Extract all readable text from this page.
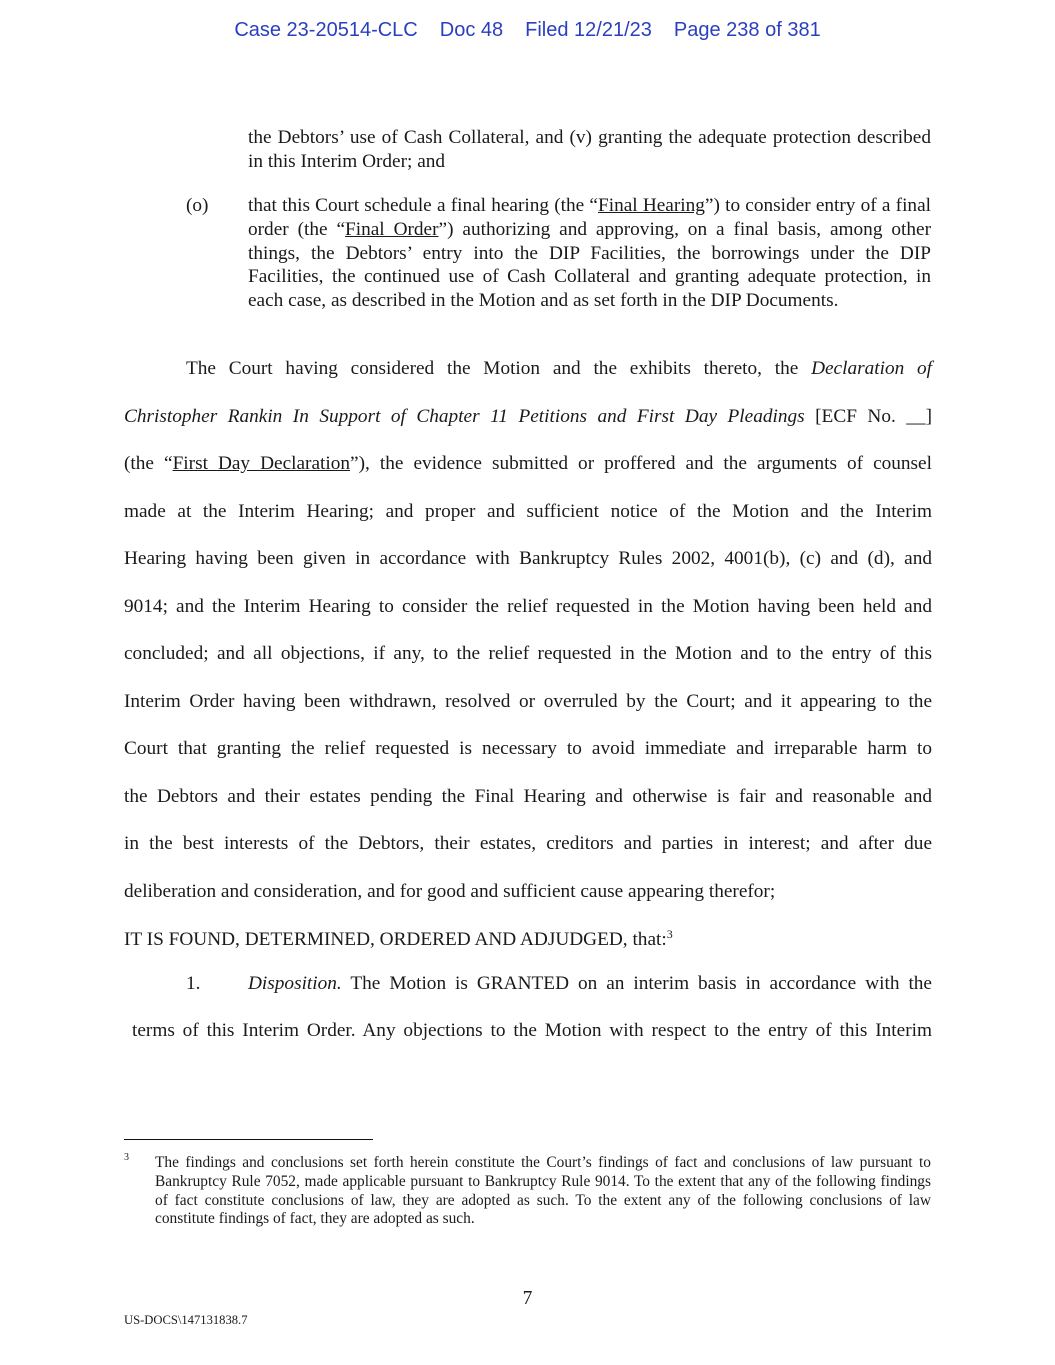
Case 23-20514-CLC Doc 48 Filed 12/21/23 Page 238 of 381
the Debtors’ use of Cash Collateral, and (v) granting the adequate protection described in this Interim Order; and
(o) that this Court schedule a final hearing (the “Final Hearing”) to consider entry of a final order (the “Final Order”) authorizing and approving, on a final basis, among other things, the Debtors’ entry into the DIP Facilities, the borrowings under the DIP Facilities, the continued use of Cash Collateral and granting adequate protection, in each case, as described in the Motion and as set forth in the DIP Documents.
The Court having considered the Motion and the exhibits thereto, the Declaration of
Christopher Rankin In Support of Chapter 11 Petitions and First Day Pleadings [ECF No. __]
(the “First Day Declaration”), the evidence submitted or proffered and the arguments of counsel
made at the Interim Hearing; and proper and sufficient notice of the Motion and the Interim
Hearing having been given in accordance with Bankruptcy Rules 2002, 4001(b), (c) and (d), and
9014; and the Interim Hearing to consider the relief requested in the Motion having been held and
concluded; and all objections, if any, to the relief requested in the Motion and to the entry of this
Interim Order having been withdrawn, resolved or overruled by the Court; and it appearing to the
Court that granting the relief requested is necessary to avoid immediate and irreparable harm to
the Debtors and their estates pending the Final Hearing and otherwise is fair and reasonable and
in the best interests of the Debtors, their estates, creditors and parties in interest; and after due
deliberation and consideration, and for good and sufficient cause appearing therefor;
IT IS FOUND, DETERMINED, ORDERED AND ADJUDGED, that:$^3$
1. Disposition. The Motion is GRANTED on an interim basis in accordance with the
terms of this Interim Order. Any objections to the Motion with respect to the entry of this Interim
3 The findings and conclusions set forth herein constitute the Court’s findings of fact and conclusions of law pursuant to Bankruptcy Rule 7052, made applicable pursuant to Bankruptcy Rule 9014. To the extent that any of the following findings of fact constitute conclusions of law, they are adopted as such. To the extent any of the following conclusions of law constitute findings of fact, they are adopted as such.
7
US-DOCS\147131838.7
